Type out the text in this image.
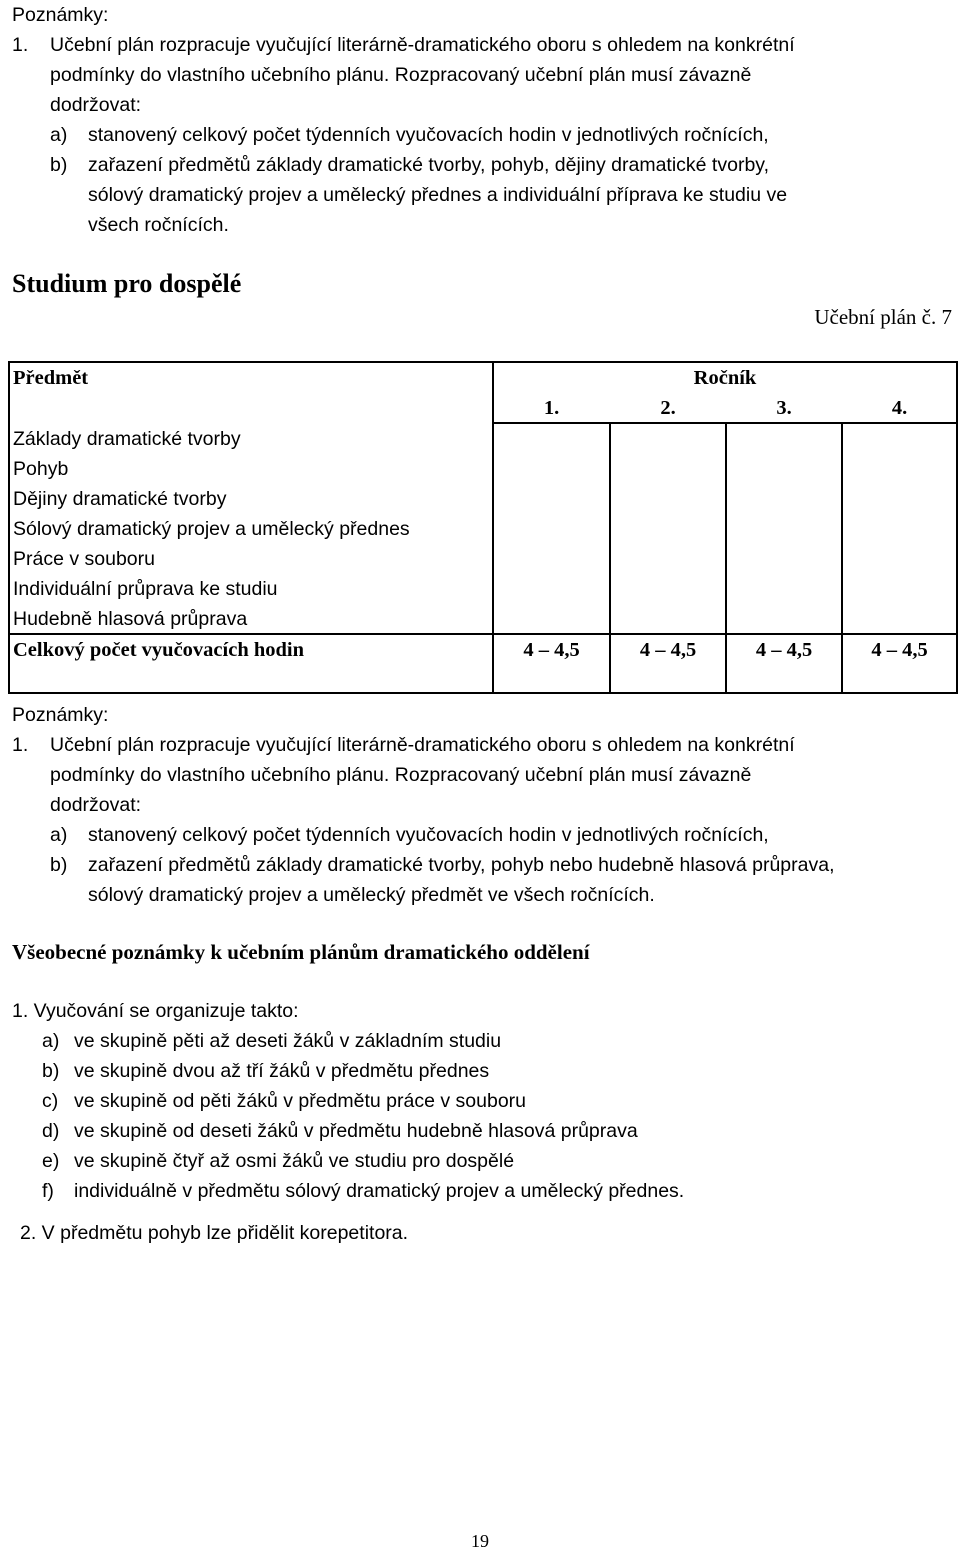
Poznámky:
1. Učební plán rozpracuje vyučující literárně-dramatického oboru s ohledem na konkrétní
podmínky do vlastního učebního plánu. Rozpracovaný učební plán musí závazně
dodržovat:
a) stanovený celkový počet týdenních vyučovacích hodin v jednotlivých ročnících,
b) zařazení předmětů základy dramatické tvorby, pohyb, dějiny dramatické tvorby,
sólový dramatický projev a umělecký přednes a individuální příprava ke studiu ve
všech ročnících.
Studium pro dospělé
Učební plán č. 7
Předmět	Ročník
1.	2.	3.	4.
Základy dramatické tvorby
Pohyb
Dějiny dramatické tvorby
Sólový dramatický projev a umělecký přednes
Práce v souboru
Individuální průprava ke studiu
Hudebně hlasová průprava
Celkový počet vyučovacích hodin	4 – 4,5	4 – 4,5	4 – 4,5	4 – 4,5
Poznámky:
1. Učební plán rozpracuje vyučující literárně-dramatického oboru s ohledem na konkrétní
podmínky do vlastního učebního plánu. Rozpracovaný učební plán musí závazně
dodržovat:
a) stanovený celkový počet týdenních vyučovacích hodin v jednotlivých ročnících,
b) zařazení předmětů základy dramatické tvorby, pohyb nebo hudebně hlasová průprava,
sólový dramatický projev a umělecký předmět ve všech ročnících.
Všeobecné poznámky k učebním plánům dramatického oddělení
1. Vyučování se organizuje takto:
a) ve skupině pěti až deseti žáků v základním studiu
b) ve skupině dvou až tří žáků v předmětu přednes
c) ve skupině od pěti žáků v předmětu práce v souboru
d) ve skupině od deseti žáků v předmětu hudebně hlasová průprava
e) ve skupině čtyř až osmi žáků ve studiu pro dospělé
f) individuálně v předmětu sólový dramatický projev a umělecký přednes.
2. V předmětu pohyb lze přidělit korepetitora.
19
